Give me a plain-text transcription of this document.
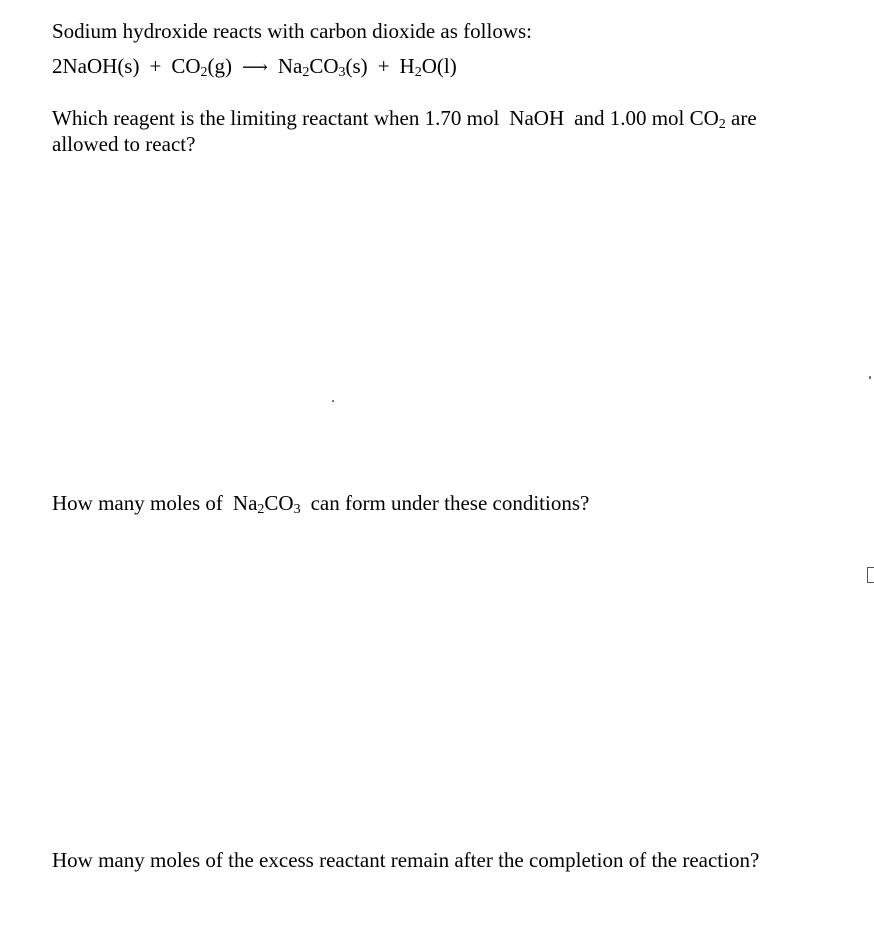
Sodium hydroxide reacts with carbon dioxide as follows:
2NaOH(s) + $CO_2(g)$ ⟶ $Na_2CO_3(s) + H_2O(l)$
Which reagent is the limiting reactant when 1.70 mol NaOH and 1.00 mol $CO_2$ are
allowed to react?
How many moles of $Na_2CO_3$ can form under these conditions?
How many moles of the excess reactant remain after the completion of the reaction?
